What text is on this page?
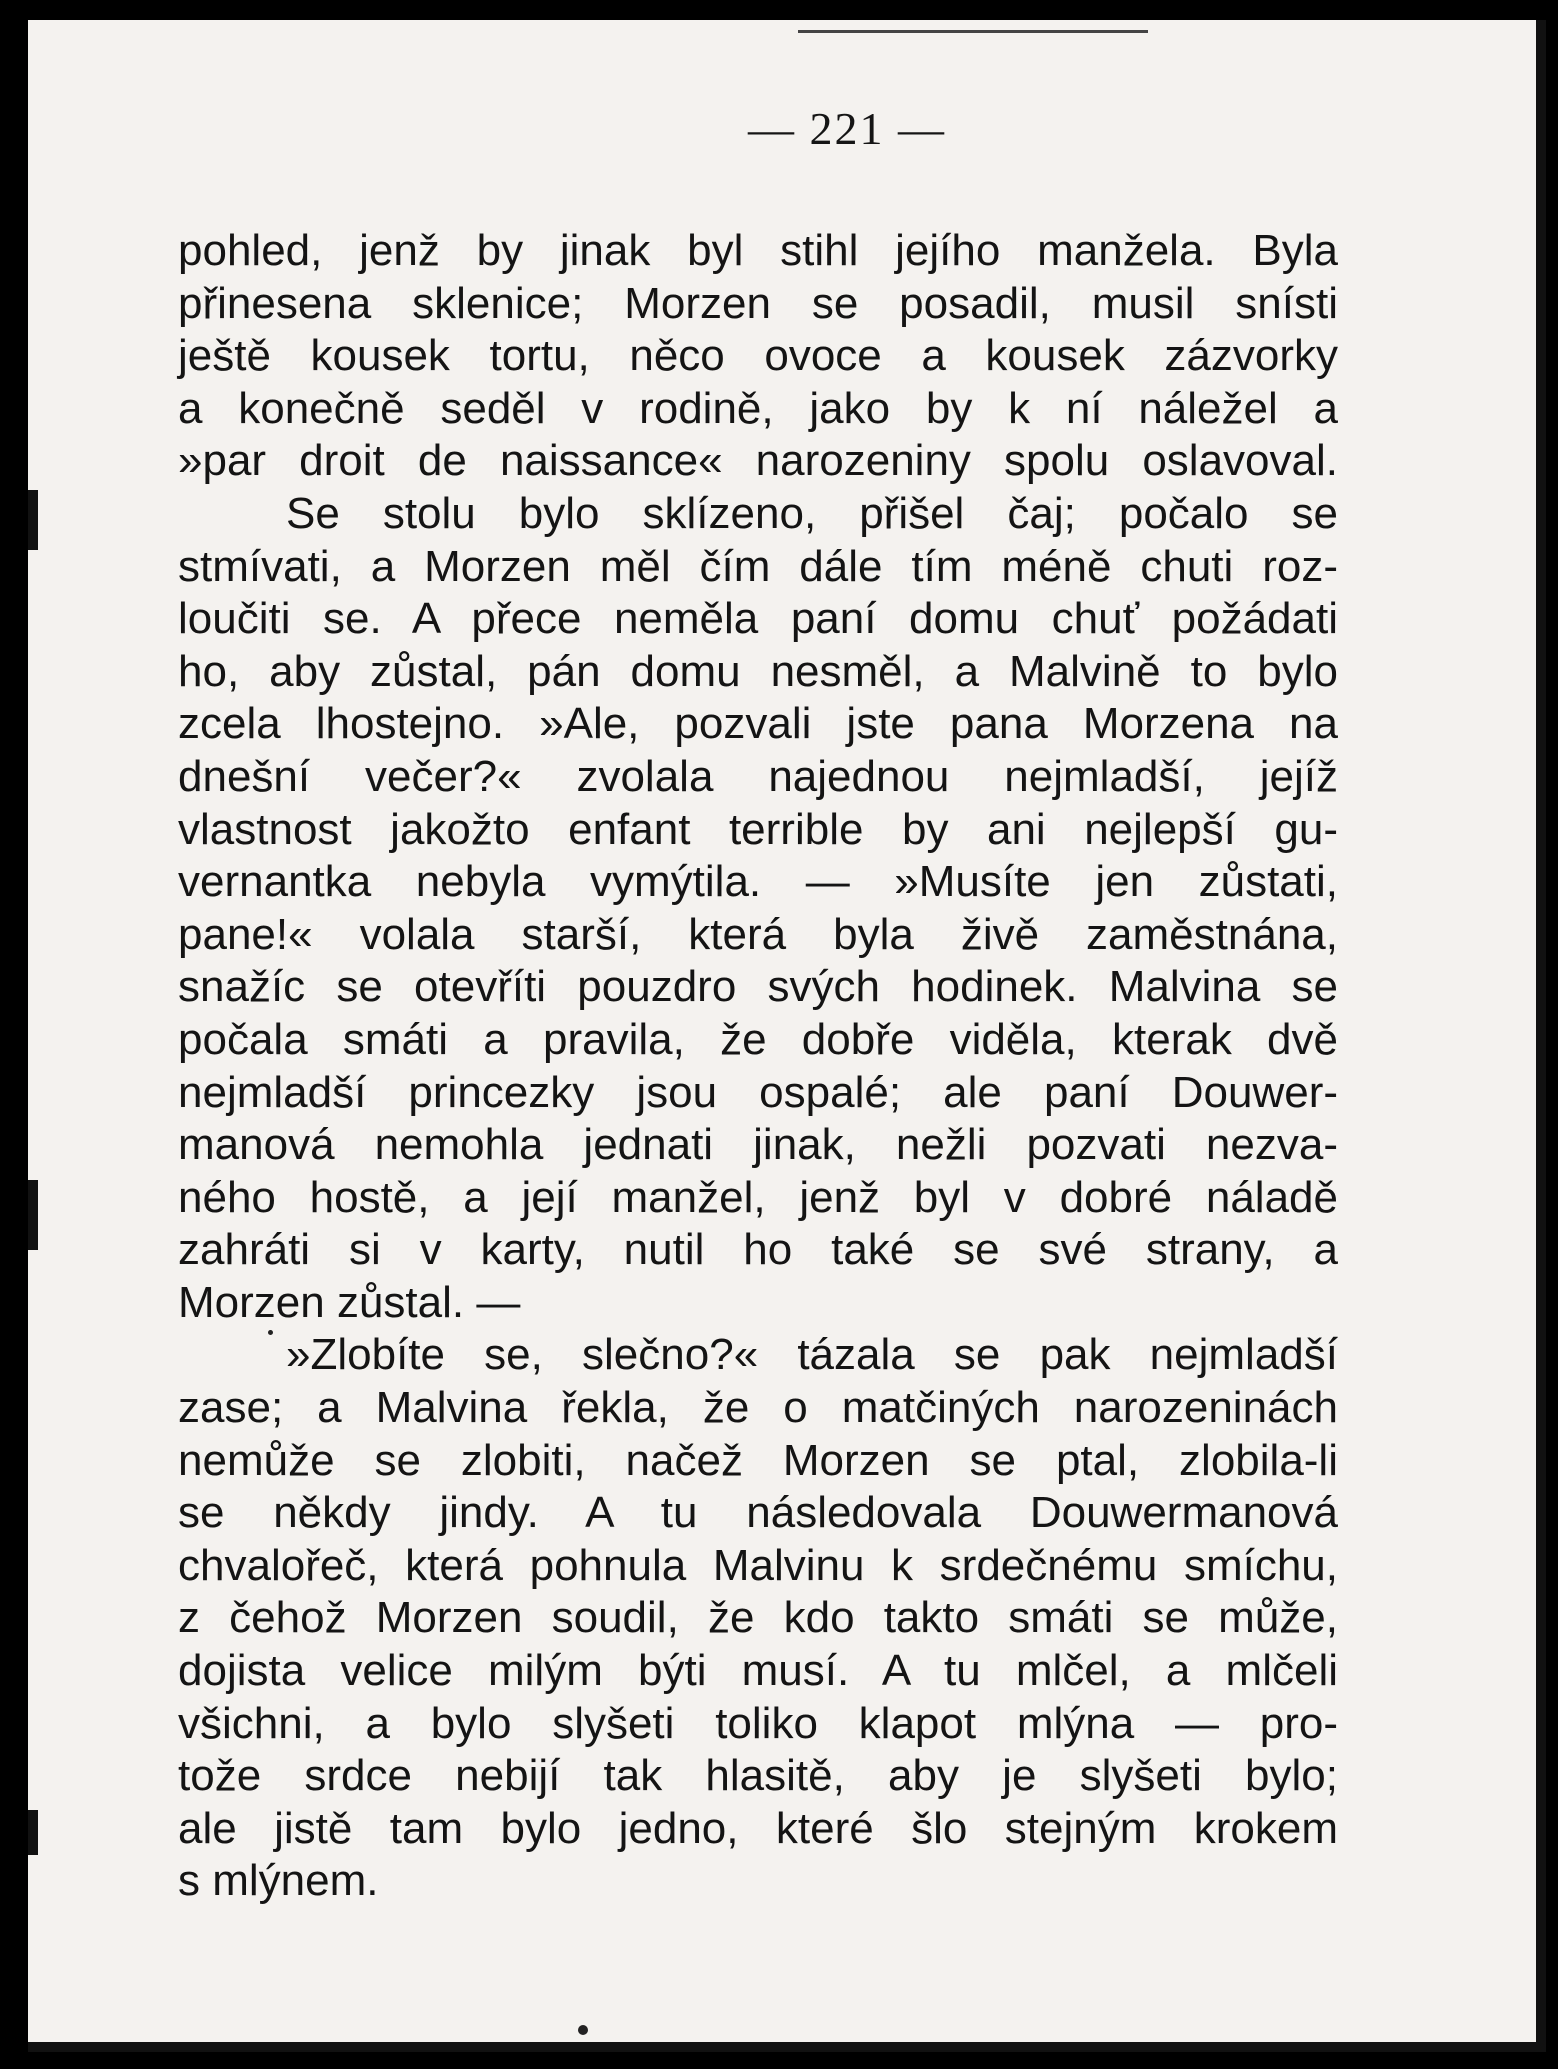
— 221 —
pohled, jenž by jinak byl stihl jejího manžela. Byla
přinesena sklenice; Morzen se posadil, musil snísti
ještě kousek tortu, něco ovoce a kousek zázvorky
a konečně seděl v rodině, jako by k ní náležel a
»par droit de naissance« narozeniny spolu oslavoval.
Se stolu bylo sklízeno, přišel čaj; počalo se
stmívati, a Morzen měl čím dále tím méně chuti roz-
loučiti se. A přece neměla paní domu chuť požádati
ho, aby zůstal, pán domu nesměl, a Malvině to bylo
zcela lhostejno. »Ale, pozvali jste pana Morzena na
dnešní večer?« zvolala najednou nejmladší, jejíž
vlastnost jakožto enfant terrible by ani nejlepší gu-
vernantka nebyla vymýtila. — »Musíte jen zůstati,
pane!« volala starší, která byla živě zaměstnána,
snažíc se otevříti pouzdro svých hodinek. Malvina se
počala smáti a pravila, že dobře viděla, kterak dvě
nejmladší princezky jsou ospalé; ale paní Douwer-
manová nemohla jednati jinak, nežli pozvati nezva-
ného hostě, a její manžel, jenž byl v dobré náladě
zahráti si v karty, nutil ho také se své strany, a
Morzen zůstal. —
»Zlobíte se, slečno?« tázala se pak nejmladší
zase; a Malvina řekla, že o matčiných narozeninách
nemůže se zlobiti, načež Morzen se ptal, zlobila-li
se někdy jindy. A tu následovala Douwermanová
chvalořeč, která pohnula Malvinu k srdečnému smíchu,
z čehož Morzen soudil, že kdo takto smáti se může,
dojista velice milým býti musí. A tu mlčel, a mlčeli
všichni, a bylo slyšeti toliko klapot mlýna — pro-
tože srdce nebijí tak hlasitě, aby je slyšeti bylo;
ale jistě tam bylo jedno, které šlo stejným krokem
s mlýnem.
